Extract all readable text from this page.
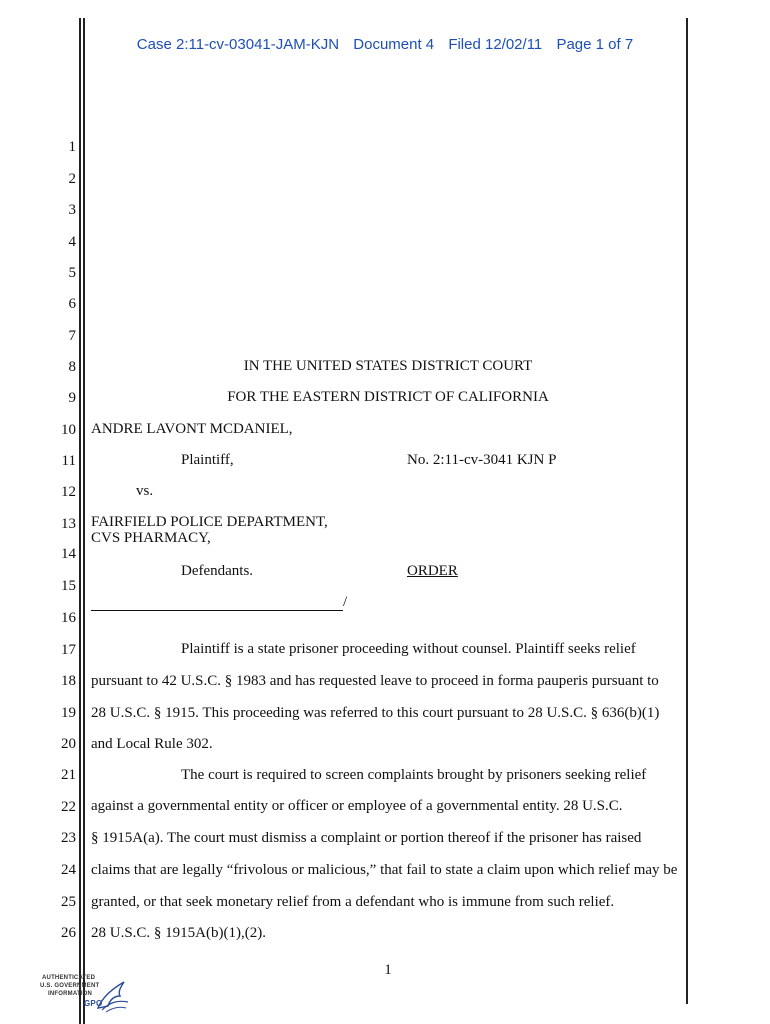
Case 2:11-cv-03041-JAM-KJN Document 4 Filed 12/02/11 Page 1 of 7
1
2
3
4
5
6
7
8
9
10
11
12
13
14
15
16
17
18
19
20
21
22
23
24
25
26
IN THE UNITED STATES DISTRICT COURT
FOR THE EASTERN DISTRICT OF CALIFORNIA
ANDRE LAVONT MCDANIEL,
Plaintiff,	No. 2:11-cv-3041 KJN P
vs.
FAIRFIELD POLICE DEPARTMENT,
CVS PHARMACY,
Defendants.	ORDER
/
Plaintiff is a state prisoner proceeding without counsel. Plaintiff seeks relief
pursuant to 42 U.S.C. § 1983 and has requested leave to proceed in forma pauperis pursuant to
28 U.S.C. § 1915. This proceeding was referred to this court pursuant to 28 U.S.C. § 636(b)(1)
and Local Rule 302.
The court is required to screen complaints brought by prisoners seeking relief
against a governmental entity or officer or employee of a governmental entity. 28 U.S.C.
§ 1915A(a). The court must dismiss a complaint or portion thereof if the prisoner has raised
claims that are legally “frivolous or malicious,” that fail to state a claim upon which relief may be
granted, or that seek monetary relief from a defendant who is immune from such relief.
28 U.S.C. § 1915A(b)(1),(2).
1
AUTHENTICATED
U.S. GOVERNMENT
INFORMATION
GPO
